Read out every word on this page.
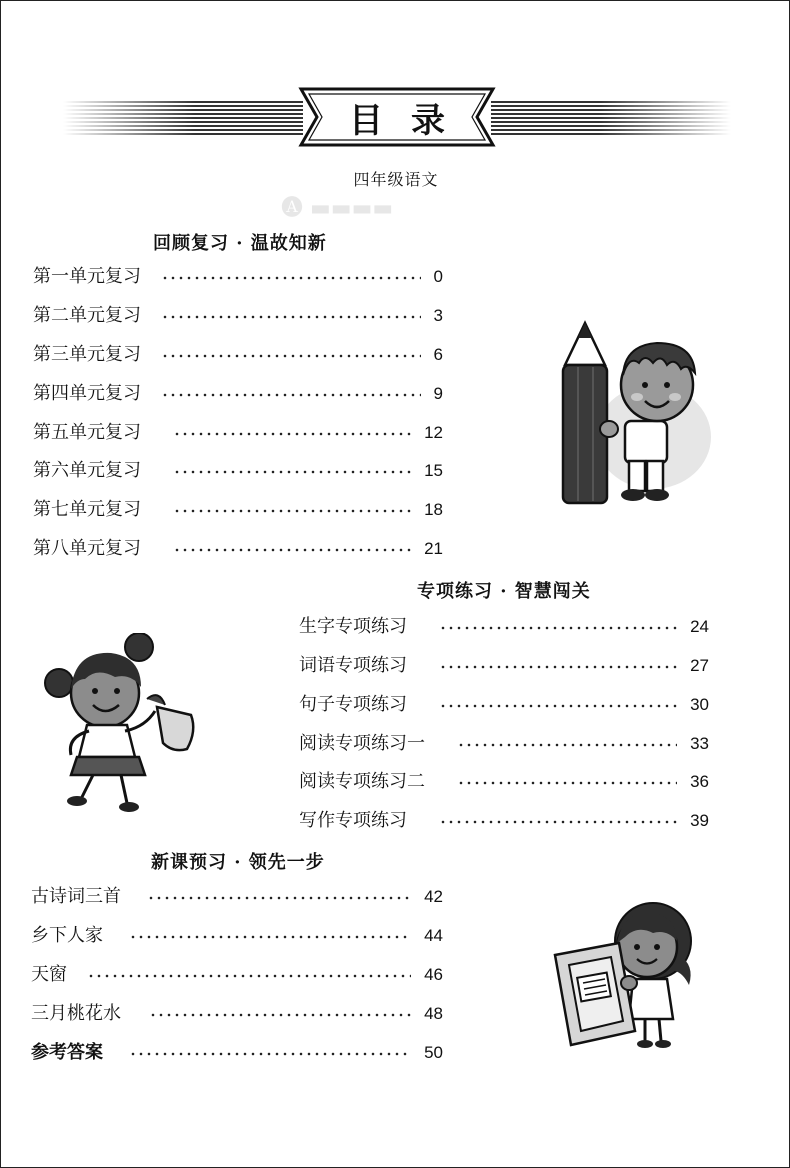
🅐 ▬▬▬▬
目录
四年级语文
回顾复习 · 温故知新
第一单元复习	0
第二单元复习	3
第三单元复习	6
第四单元复习	9
第五单元复习	12
第六单元复习	15
第七单元复习	18
第八单元复习	21
专项练习 · 智慧闯关
生字专项练习	24
词语专项练习	27
句子专项练习	30
阅读专项练习一	33
阅读专项练习二	36
写作专项练习	39
新课预习 · 领先一步
古诗词三首	42
乡下人家	44
天窗	46
三月桃花水	48
参考答案	50
